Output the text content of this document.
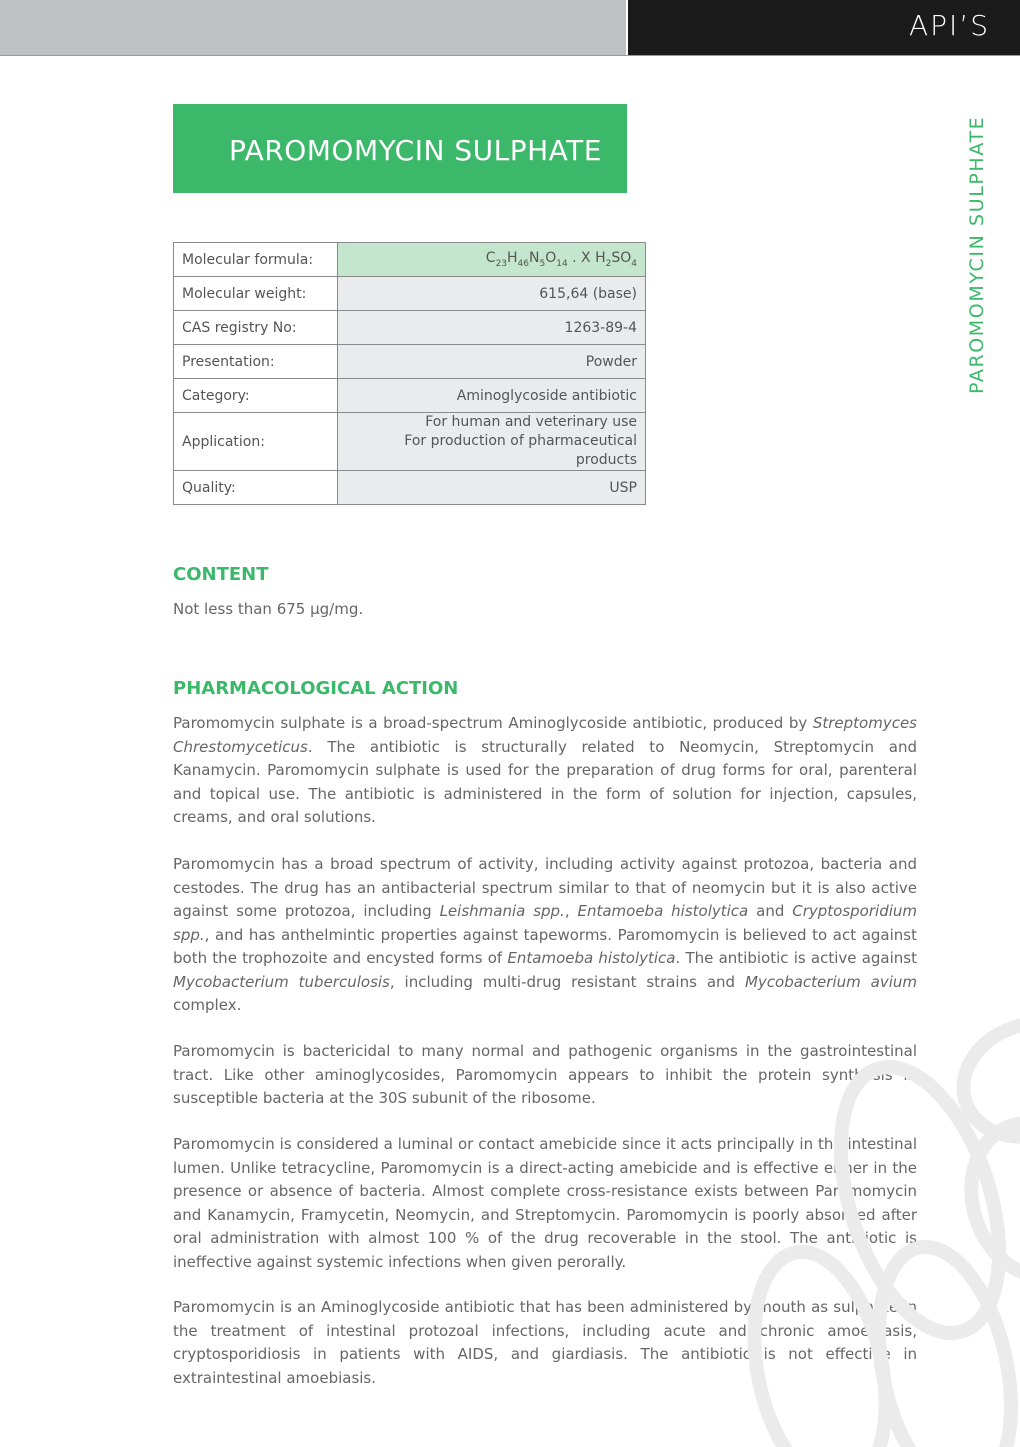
API’S
PAROMOMYCIN SULPHATE
PAROMOMYCIN SULPHATE
Molecular formula:	$C_{23}H_{46}N_5O_{14}$ . X $H_2SO_4$
Molecular weight:	615,64 (base)
CAS registry No:	1263-89-4
Presentation:	Powder
Category:	Aminoglycoside antibiotic
Application:	For human and veterinary use
For production of pharmaceutical products

Quality:	USP
CONTENT

Not less than 675 μg/mg.

PHARMACOLOGICAL ACTION

Paromomycin sulphate is a broad-spectrum Aminoglycoside antibiotic, produced by Streptomyces Chrestomyceticus. The antibiotic is structurally related to Neomycin, Streptomycin and Kanamycin. Paromomycin sulphate is used for the preparation of drug forms for oral, parenteral and topical use. The antibiotic is administered in the form of solution for injection, capsules, creams, and oral solutions.

Paromomycin has a broad spectrum of activity, including activity against protozoa, bacteria and cestodes. The drug has an antibacterial spectrum similar to that of neomycin but it is also active against some protozoa, including Leishmania spp., Entamoeba histolytica and Cryptosporidium spp., and has anthelmintic properties against tapeworms. Paromomycin is believed to act against both the trophozoite and encysted forms of Entamoeba histolytica. The antibiotic is active against Mycobacterium tuberculosis, including multi-drug resistant strains and Mycobacterium avium complex.

Paromomycin is bactericidal to many normal and pathogenic organisms in the gastrointestinal tract. Like other aminoglycosides, Paromomycin appears to inhibit the protein synthesis in susceptible bacteria at the 30S subunit of the ribosome.

Paromomycin is considered a luminal or contact amebicide since it acts principally in the intestinal lumen. Unlike tetracycline, Paromomycin is a direct-acting amebicide and is effective either in the presence or absence of bacteria. Almost complete cross-resistance exists between Paromomycin and Kanamycin, Framycetin, Neomycin, and Streptomycin. Paromomycin is poorly absorbed after oral administration with almost 100 % of the drug recoverable in the stool. The antibiotic is ineffective against systemic infections when given perorally.

Paromomycin is an Aminoglycoside antibiotic that has been administered by mouth as sulphate in the treatment of intestinal protozoal infections, including acute and chronic amoebiasis, cryptosporidiosis in patients with AIDS, and giardiasis. The antibiotic is not effective in extraintestinal amoebiasis.
